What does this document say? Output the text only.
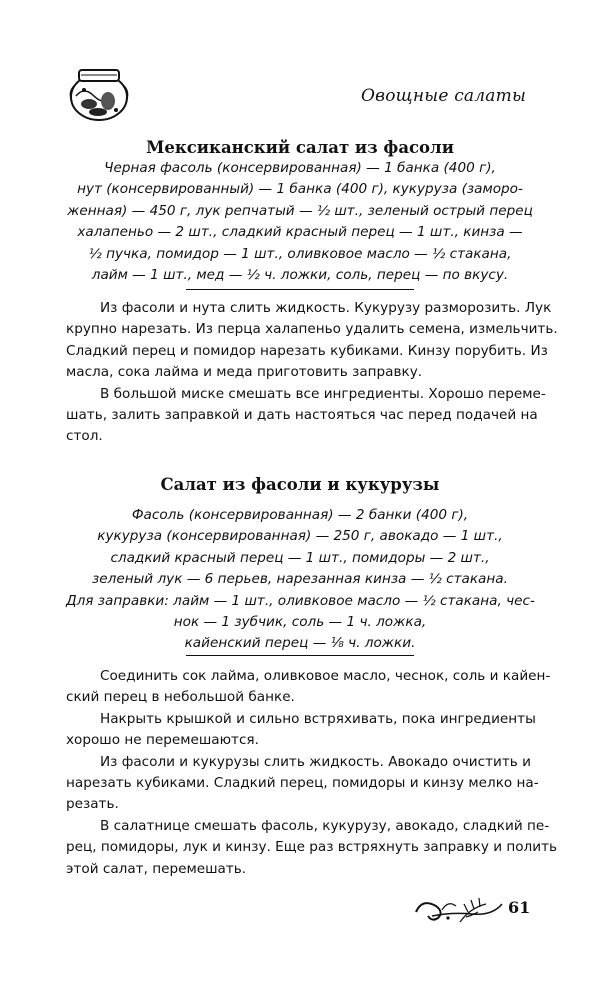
Овощные салаты
Мексиканский салат из фасоли
Черная фасоль (консервированная) — 1 банка (400 г),
нут (консервированный) — 1 банка (400 г), кукуруза (заморо-
женная) — 450 г, лук репчатый — ½ шт., зеленый острый перец
халапеньо — 2 шт., сладкий красный перец — 1 шт., кинза —
½ пучка, помидор — 1 шт., оливковое масло — ½ стакана,
лайм — 1 шт., мед — ½ ч. ложки, соль, перец — по вкусу.

Из фасоли и нута слить жидкость. Кукурузу разморозить. Лук
крупно нарезать. Из перца халапеньо удалить семена, измельчить.
Сладкий перец и помидор нарезать кубиками. Кинзу порубить. Из
масла, сока лайма и меда приготовить заправку.

В большой миске смешать все ингредиенты. Хорошо переме-
шать, залить заправкой и дать настояться час перед подачей на
стол.

Салат из фасоли и кукурузы
Фасоль (консервированная) — 2 банки (400 г),
кукуруза (консервированная) — 250 г, авокадо — 1 шт.,
сладкий красный перец — 1 шт., помидоры — 2 шт.,
зеленый лук — 6 перьев, нарезанная кинза — ½ стакана.
Для заправки: лайм — 1 шт., оливковое масло — ½ стакана, чес-
нок — 1 зубчик, соль — 1 ч. ложка,
кайенский перец — ⅛ ч. ложки.

Соединить сок лайма, оливковое масло, чеснок, соль и кайен-
ский перец в небольшой банке.

Накрыть крышкой и сильно встряхивать, пока ингредиенты
хорошо не перемешаются.

Из фасоли и кукурузы слить жидкость. Авокадо очистить и
нарезать кубиками. Сладкий перец, помидоры и кинзу мелко на-
резать.

В салатнице смешать фасоль, кукурузу, авокадо, сладкий пе-
рец, помидоры, лук и кинзу. Еще раз встряхнуть заправку и полить
этой салат, перемешать.

61
